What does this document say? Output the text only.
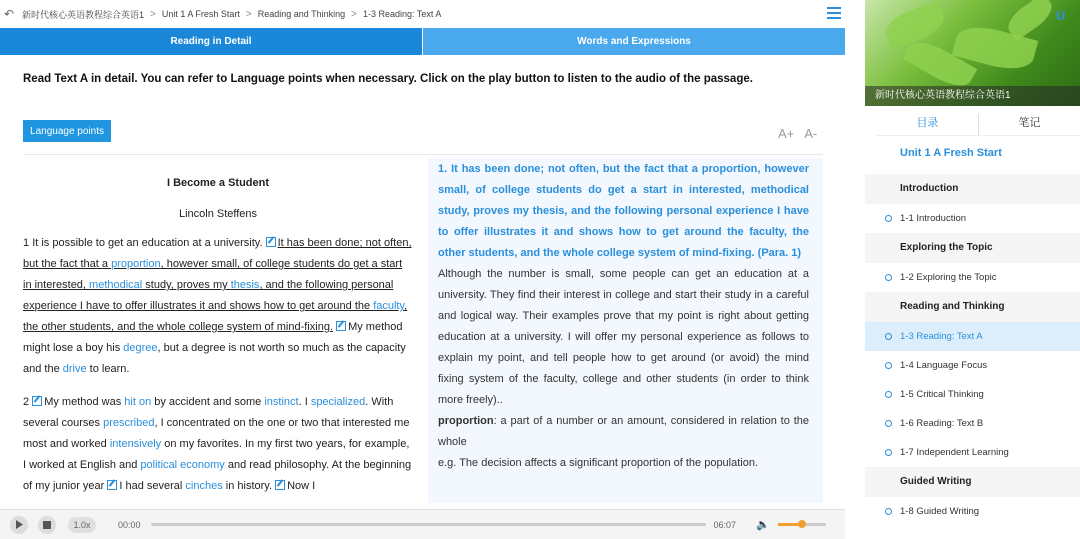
↶ 新时代核心英语教程综合英语1 > Unit 1 A Fresh Start > Reading and Thinking > 1-3 Reading: Text A
Reading in Detail	Words and Expressions
Read Text A in detail. You can refer to Language points when necessary. Click on the play button to listen to the audio of the passage.
Language points	A+ A-
I Become a Student
Lincoln Steffens

1 It is possible to get an education at a university. It has been done; not often, but the fact that a proportion, however small, of college students do get a start in interested, methodical study, proves my thesis, and the following personal experience I have to offer illustrates it and shows how to get around the faculty, the other students, and the whole college system of mind-fixing. My method might lose a boy his degree, but a degree is not worth so much as the capacity and the drive to learn.

2 My method was hit on by accident and some instinct. I specialized. With several courses prescribed, I concentrated on the one or two that interested me most and worked intensively on my favorites. In my first two years, for example, I worked at English and political economy and read philosophy. At the beginning of my junior year I had several cinches in history. Now I

1. It has been done; not often, but the fact that a proportion, however small, of college students do get a start in interested, methodical study, proves my thesis, and the following personal experience I have to offer illustrates it and shows how to get around the faculty, the other students, and the whole college system of mind-fixing. (Para. 1)
Although the number is small, some people can get an education at a university. They find their interest in college and start their study in a careful and logical way. Their examples prove that my point is right about getting education at a university. I will offer my personal experience as follows to explain my point, and tell people how to get around (or avoid) the mind fixing system of the faculty, college and other students (in order to think more freely)..
proportion: a part of a number or an amount, considered in relation to the whole
e.g. The decision affects a significant proportion of the population.
1.0x	00:00	06:07 🔈
U
新时代核心英语教程综合英语1
目录	笔记
Unit 1 A Fresh Start
Introduction
1-1 Introduction
Exploring the Topic
1-2 Exploring the Topic
Reading and Thinking
1-3 Reading: Text A
1-4 Language Focus
1-5 Critical Thinking
1-6 Reading: Text B
1-7 Independent Learning
Guided Writing
1-8 Guided Writing
